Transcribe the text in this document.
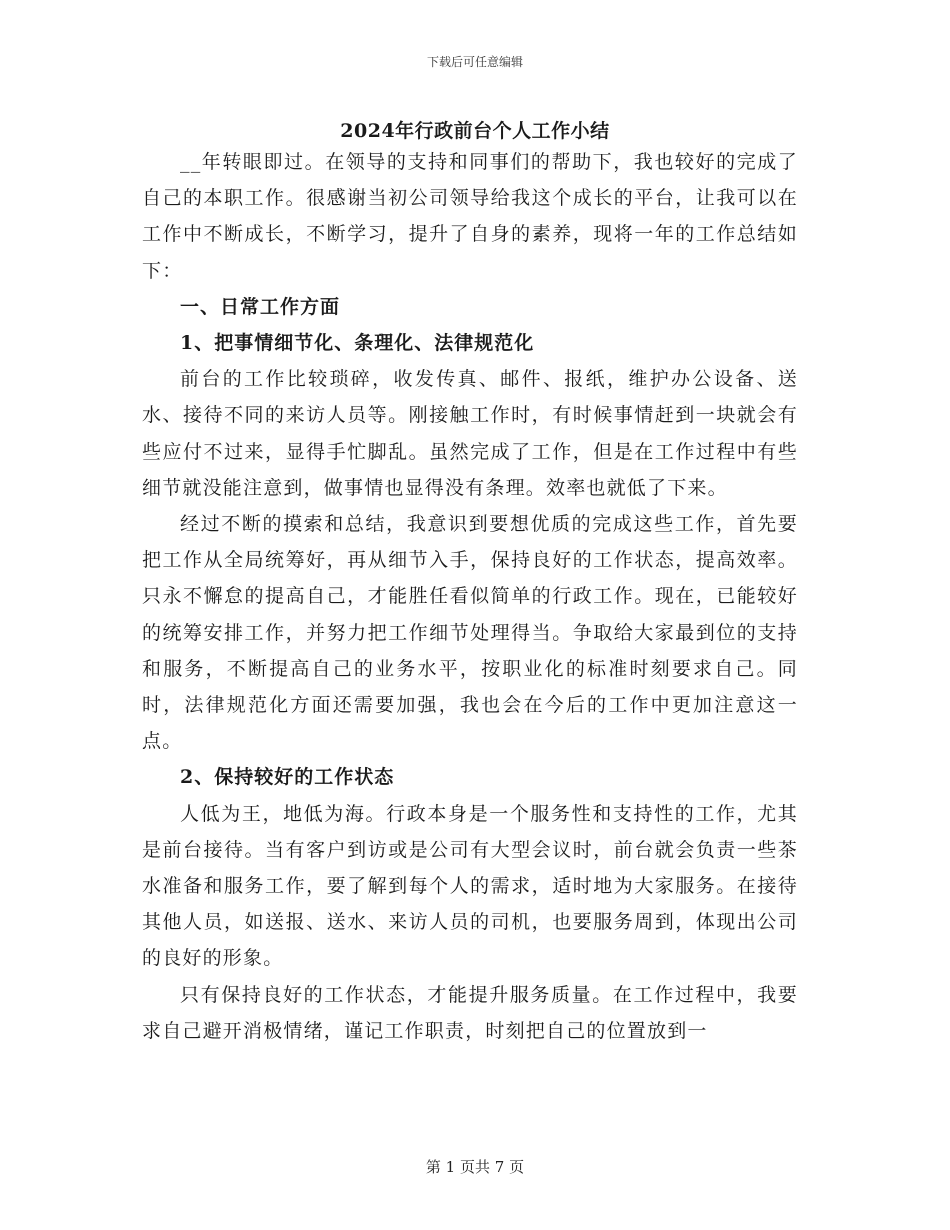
下载后可任意编辑
2024年行政前台个人工作小结

__年转眼即过。在领导的支持和同事们的帮助下，我也较好的完成了自己的本职工作。很感谢当初公司领导给我这个成长的平台，让我可以在工作中不断成长，不断学习，提升了自身的素养，现将一年的工作总结如下：

一、日常工作方面

1、把事情细节化、条理化、法律规范化

前台的工作比较琐碎，收发传真、邮件、报纸，维护办公设备、送水、接待不同的来访人员等。刚接触工作时，有时候事情赶到一块就会有些应付不过来，显得手忙脚乱。虽然完成了工作，但是在工作过程中有些细节就没能注意到，做事情也显得没有条理。效率也就低了下来。

经过不断的摸索和总结，我意识到要想优质的完成这些工作，首先要把工作从全局统筹好，再从细节入手，保持良好的工作状态，提高效率。只永不懈怠的提高自己，才能胜任看似简单的行政工作。现在，已能较好的统筹安排工作，并努力把工作细节处理得当。争取给大家最到位的支持和服务，不断提高自己的业务水平，按职业化的标准时刻要求自己。同时，法律规范化方面还需要加强，我也会在今后的工作中更加注意这一点。

2、保持较好的工作状态

人低为王，地低为海。行政本身是一个服务性和支持性的工作，尤其是前台接待。当有客户到访或是公司有大型会议时，前台就会负责一些茶水准备和服务工作，要了解到每个人的需求，适时地为大家服务。在接待其他人员，如送报、送水、来访人员的司机，也要服务周到，体现出公司的良好的形象。

只有保持良好的工作状态，才能提升服务质量。在工作过程中，我要求自己避开消极情绪，谨记工作职责，时刻把自己的位置放到一

第 1 页共 7 页
